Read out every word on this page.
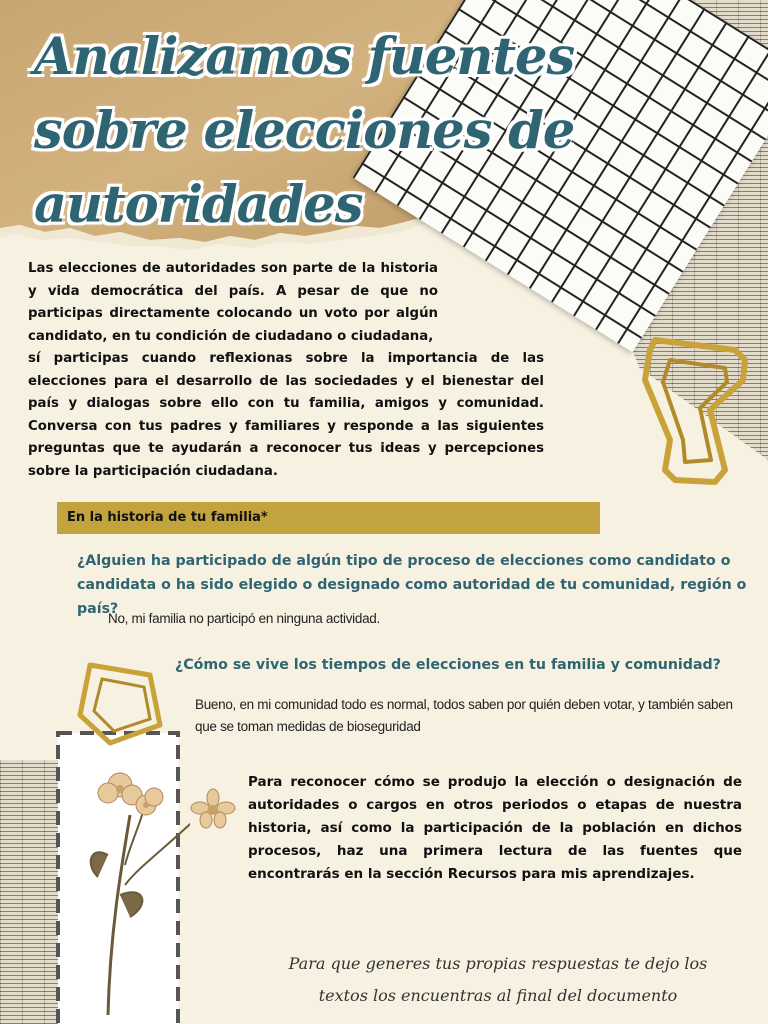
Analizamos fuentes sobre elecciones de autoridades

Las elecciones de autoridades son parte de la historia y vida democrática del país. A pesar de que no participas directamente colocando un voto por algún candidato, en tu condición de ciudadano o ciudadana,

sí participas cuando reflexionas sobre la importancia de las elecciones para el desarrollo de las sociedades y el bienestar del país y dialogas sobre ello con tu familia, amigos y comunidad. Conversa con tus padres y familiares y responde a las siguientes preguntas que te ayudarán a reconocer tus ideas y percepciones sobre la participación ciudadana.

En la historia de tu familia*

¿Alguien ha participado de algún tipo de proceso de elecciones como candidato o candidata o ha sido elegido o designado como autoridad de tu comunidad, región o país?

No, mi familia no participó en ninguna actividad.

¿Cómo se vive los tiempos de elecciones en tu familia y comunidad?

Bueno, en mi comunidad todo es normal, todos saben por quién deben votar, y también saben que se toman medidas de bioseguridad

Para reconocer cómo se produjo la elección o designación de autoridades o cargos en otros periodos o etapas de nuestra historia, así como la participación de la población en dichos procesos, haz una primera lectura de las fuentes que encontrarás en la sección Recursos para mis aprendizajes.

Para que generes tus propias respuestas te dejo los textos los encuentras al final del documento
